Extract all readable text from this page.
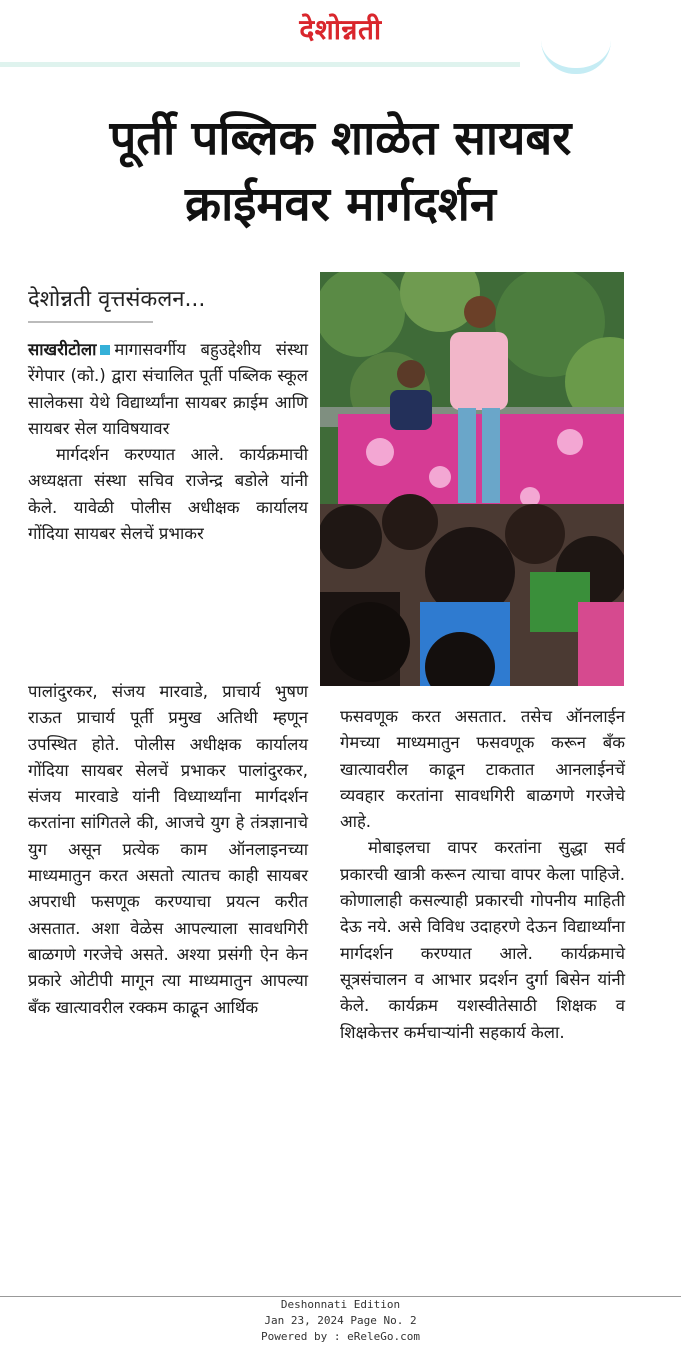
देशोन्नती
पूर्ती पब्लिक शाळेत सायबर
क्राईमवर मार्गदर्शन
देशोन्नती वृत्तसंकलन...

साखरीटोला मागासवर्गीय बहुउद्देशीय संस्था रेंगेपार (को.) द्वारा संचालित पूर्ती पब्लिक स्कूल सालेकसा येथे विद्यार्थ्यांना सायबर क्राईम आणि सायबर सेल याविषयावर

मार्गदर्शन करण्यात आले. कार्यक्रमाची अध्यक्षता संस्था सचिव राजेन्द्र बडोले यांनी केले. यावेळी पोलीस अधीक्षक कार्यालय गोंदिया सायबर सेलचें प्रभाकर

पालांदुरकर, संजय मारवाडे, प्राचार्य भुषण राऊत प्राचार्य पूर्ती प्रमुख अतिथी म्हणून उपस्थित होते. पोलीस अधीक्षक कार्यालय गोंदिया सायबर सेलचें प्रभाकर पालांदुरकर, संजय मारवाडे यांनी विध्यार्थ्यांना मार्गदर्शन करतांना सांगितले की, आजचे युग हे तंत्रज्ञानाचे युग असून प्रत्येक काम ऑनलाइनच्या माध्यमातुन करत असतो त्यातच काही सायबर अपराधी फसणूक करण्याचा प्रयत्न करीत असतात. अशा वेळेस आपल्याला सावधगिरी बाळगणे गरजेचे असते. अश्या प्रसंगी ऐन केन प्रकारे ओटीपी मागून त्या माध्यमातुन आपल्या बँक खात्यावरील रक्कम काढून आर्थिक

फसवणूक करत असतात. तसेच ऑनलाईन गेमच्या माध्यमातुन फसवणूक करून बँक खात्यावरील काढून टाकतात आनलाईनचें व्यवहार करतांना सावधगिरी बाळगणे गरजेचे आहे.

मोबाइलचा वापर करतांना सुद्धा सर्व प्रकारची खात्री करून त्याचा वापर केला पाहिजे. कोणालाही कसल्याही प्रकारची गोपनीय माहिती देऊ नये. असे विविध उदाहरणे देऊन विद्यार्थ्यांना मार्गदर्शन करण्यात आले. कार्यक्रमाचे सूत्रसंचालन व आभार प्रदर्शन दुर्गा बिसेन यांनी केले. कार्यक्रम यशस्वीतेसाठी शिक्षक व शिक्षकेत्तर कर्मचाऱ्यांनी सहकार्य केला.

Deshonnati Edition
Jan 23, 2024 Page No. 2
Powered by : eReleGo.com
